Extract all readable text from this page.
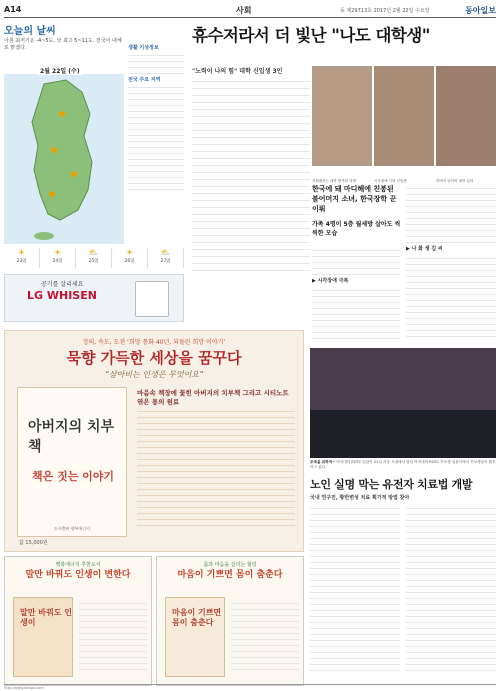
A14	사회	동 제29713호 2017년 2월 22일 수요일	동아일보
오늘의 날씨
아침 최저기온 -4~5도, 낮 최고 5~11도. 전국이 대체로 맑겠다.	생활 기상정보
전국 주요 지역
2월 22일 (수)
☀
23일
☀
24일
⛅
25일
☀
26일
⛅
27일
공기를 살리세요
LG WHISEN
휴수저라서 더 빛난 "나도 대학생"
"노력이 나의 힘" 대학 신입생 3인
지원에서는 대학 합격한 학생	시각장애 극복 신입생	아버지 뒤이어 대학 입학
한국에 돼 마디해에 친봉된 불어머지 소녀, 한국장학 꾼 이뤄
가족 4명이 5층 월세방 살아도 씩씩한 모습
▶ 시각장애 극복
▶ 나 화 생 김 씨
장의, 속도, 도전 ‘희망 통화 40년, 되돌린 희망 이야기’
묵향 가득한 세상을 꿈꾸다
“삼아비는 인생은 무엇이요”
아버지의 치부책
책은 짓는 이야기
도서출판 행복에너지
마음속 책장에 꽃힌 아버지의 치부책 그리고 시티노트 엮은 통의 원료
값 15,000원
행복에너지 추천도서
말만 바꿔도 인생이 변한다
말만 바꿔도 인생이
몸과 마음을 살리는 힐링
마음이 기쁘면 몸이 춤춘다
마음이 기쁘면 몸이 춤춘다
조국을 위하여~ 여자대학 ROTC 임관식 21일 서울 시내에서 열린 여자대학 ROTC 후보생 임관식에서 후보생들이 환호하고 있다.
노인 실명 막는 유전자 치료법 개발
국내 연구진, 황반변성 치료 획기적 방법 찾아
http://www.donga.com
